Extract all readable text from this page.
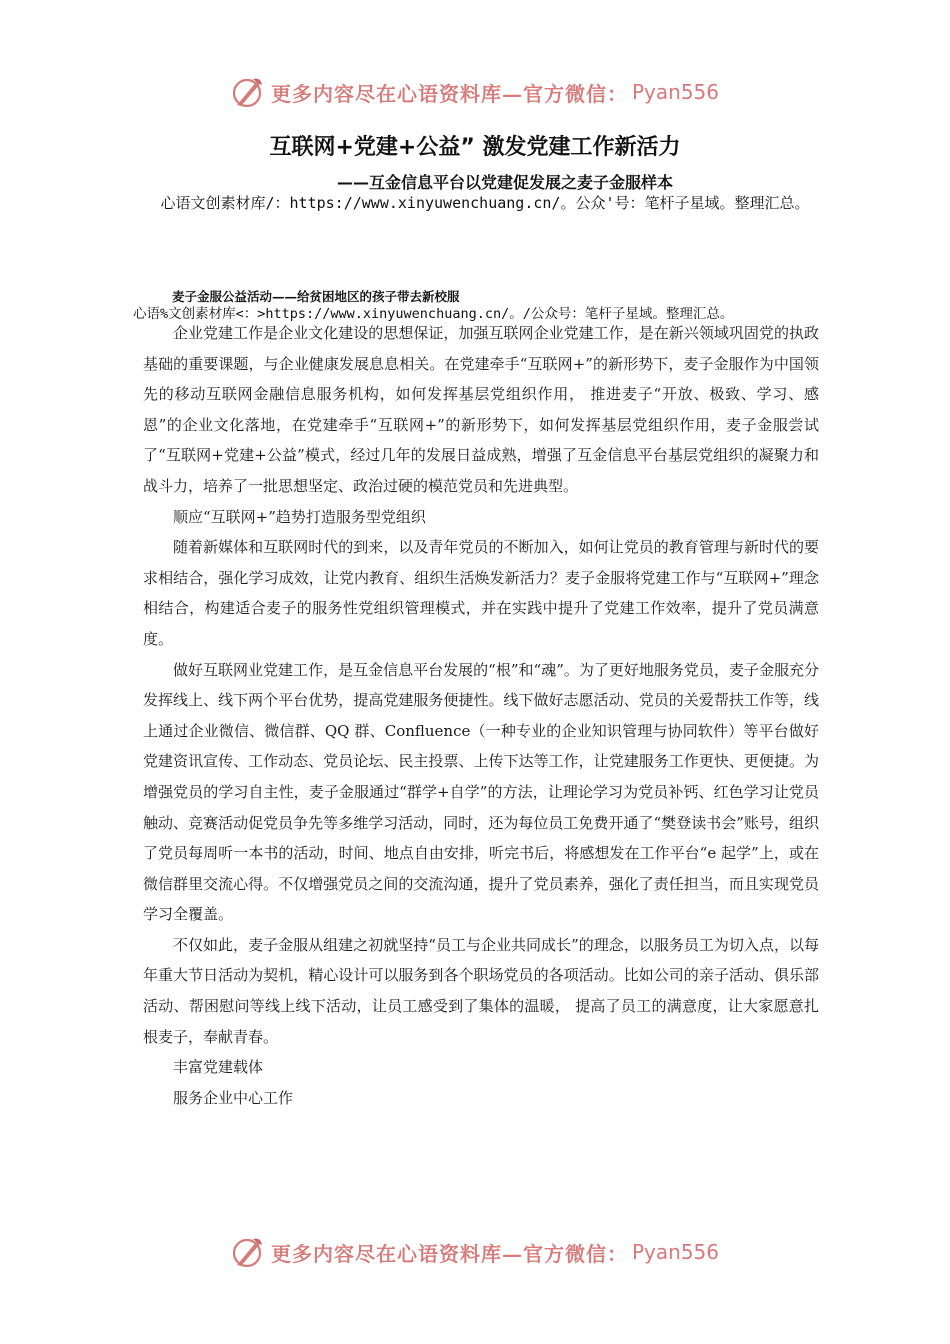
更多内容尽在心语资料库—官方微信： Pyan556
互联网+党建+公益” 激发党建工作新活力
——互金信息平台以党建促发展之麦子金服样本
心语文创素材库/：https://www.xinyuwenchuang.cn/。公众'号：笔杆子星域。整理汇总。
麦子金服公益活动——给贫困地区的孩子带去新校服
心语%文创素材库<：>https://www.xinyuwenchuang.cn/。/公众号：笔杆子星域。整理汇总。

企业党建工作是企业文化建设的思想保证，加强互联网企业党建工作，是在新兴领域巩固党的执政基础的重要课题，与企业健康发展息息相关。在党建牵手“互联网+”的新形势下，麦子金服作为中国领先的移动互联网金融信息服务机构，如何发挥基层党组织作用， 推进麦子“开放、极致、学习、感恩”的企业文化落地，在党建牵手“互联网+”的新形势下，如何发挥基层党组织作用，麦子金服尝试了“互联网+党建+公益”模式，经过几年的发展日益成熟，增强了互金信息平台基层党组织的凝聚力和战斗力，培养了一批思想坚定、政治过硬的模范党员和先进典型。

顺应“互联网+”趋势打造服务型党组织

随着新媒体和互联网时代的到来，以及青年党员的不断加入，如何让党员的教育管理与新时代的要求相结合，强化学习成效，让党内教育、组织生活焕发新活力？麦子金服将党建工作与“互联网+”理念相结合，构建适合麦子的服务性党组织管理模式，并在实践中提升了党建工作效率，提升了党员满意度。

做好互联网业党建工作，是互金信息平台发展的“根”和“魂”。为了更好地服务党员，麦子金服充分发挥线上、线下两个平台优势，提高党建服务便捷性。线下做好志愿活动、党员的关爱帮扶工作等，线上通过企业微信、微信群、QQ 群、Confluence（一种专业的企业知识管理与协同软件）等平台做好党建资讯宣传、工作动态、党员论坛、民主投票、上传下达等工作，让党建服务工作更快、更便捷。为增强党员的学习自主性，麦子金服通过“群学+自学”的方法，让理论学习为党员补钙、红色学习让党员触动、竞赛活动促党员争先等多维学习活动，同时，还为每位员工免费开通了“樊登读书会”账号，组织了党员每周听一本书的活动，时间、地点自由安排，听完书后，将感想发在工作平台“e 起学”上，或在微信群里交流心得。不仅增强党员之间的交流沟通，提升了党员素养，强化了责任担当，而且实现党员学习全覆盖。

不仅如此，麦子金服从组建之初就坚持“员工与企业共同成长”的理念，以服务员工为切入点，以每年重大节日活动为契机，精心设计可以服务到各个职场党员的各项活动。比如公司的亲子活动、俱乐部活动、帮困慰问等线上线下活动，让员工感受到了集体的温暖， 提高了员工的满意度，让大家愿意扎根麦子，奉献青春。

丰富党建载体

服务企业中心工作

更多内容尽在心语资料库—官方微信： Pyan556
